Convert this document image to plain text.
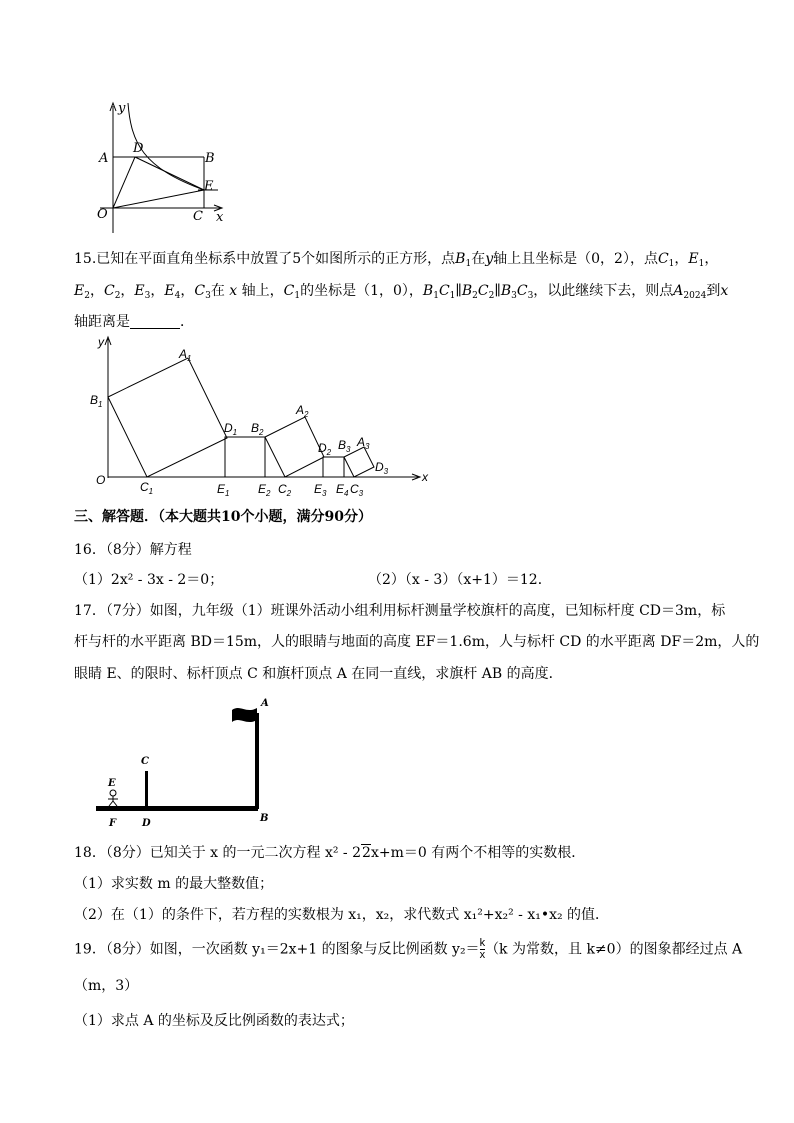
y
D
B
A
E
O	C x
15.已知在平面直角坐标系中放置了5个如图所示的正方形，点$B_1$在y轴上且坐标是（0，2），点$C_1$，$E_1$，
$E_2$，$C_2$，$E_3$，$E_4$，$C_3$在 x 轴上，$C_1$的坐标是（1，0），$B_1C_1\parallel B_2C_2\parallel B_3C_3$，以此继续下去，则点$A_{2024}$到x
轴距离是	．
y
$A_1$
$B_1$
$D_1$ $B_2$
$A_2$
$D_2$
$B_3$
$A_3$
$D_3$
O	$C_1$	$E_1$ $E_2$ $C_2$ $E_3$ $E_4$ $C_3$
x
三、解答题．（本大题共10个小题，满分90分）
16．（8分）解方程
（1）2x² - 3x - 2＝0；	（2）（x - 3）（x+1）＝12．
17．（7分）如图，九年级（1）班课外活动小组利用标杆测量学校旗杆的高度，已知标杆度 CD＝3m，标
杆与杆的水平距离 BD＝15m，人的眼睛与地面的高度 EF＝1.6m，人与标杆 CD 的水平距离 DF＝2m，人的
眼睛 E、的限时、标杆顶点 C 和旗杆顶点 A 在同一直线，求旗杆 AB 的高度．
A
C
E
F	D	B
18．（8分）已知关于 x 的一元二次方程 x² - 22x+m＝0 有两个不相等的实数根．
（1）求实数 m 的最大整数值；
（2）在（1）的条件下，若方程的实数根为 x₁，x₂，求代数式 x₁²+x₂² - x₁•x₂ 的值．
19．（8分）如图，一次函数 y₁＝2x+1 的图象与反比例函数 $y_2= \frac{k}{x} (k$ 为常数，且 k≠0）的图象都经过点 A
（m，3）
（1）求点 A 的坐标及反比例函数的表达式；
